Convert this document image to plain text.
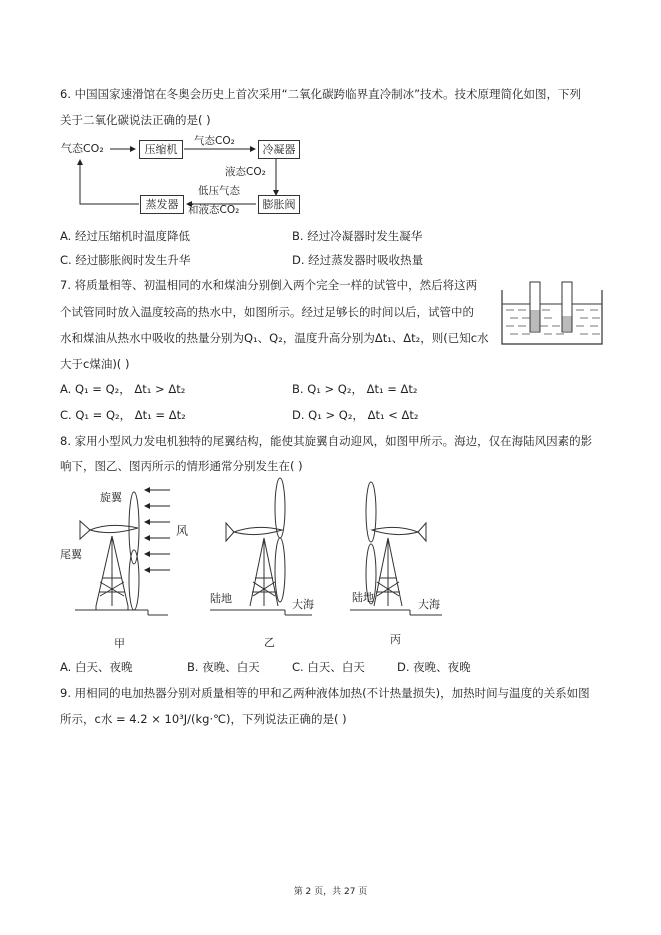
6. 中国国家速滑馆在冬奥会历史上首次采用“二氧化碳跨临界直冷制冰”技术。技术原理简化如图，下列
关于二氧化碳说法正确的是( )
气态CO₂	压缩机
气态CO₂
冷凝器
液态CO₂
膨胀阀
低压气态
和液态CO₂
蒸发器
A. 经过压缩机时温度降低	B. 经过冷凝器时发生凝华
C. 经过膨胀阀时发生升华	D. 经过蒸发器时吸收热量
7. 将质量相等、初温相同的水和煤油分别倒入两个完全一样的试管中，然后将这两
个试管同时放入温度较高的热水中，如图所示。经过足够长的时间以后，试管中的
水和煤油从热水中吸收的热量分别为Q₁、Q₂，温度升高分别为Δt₁、Δt₂，则(已知c水
大于c煤油)( )
A. Q₁ = Q₂， Δt₁ > Δt₂	B. Q₁ > Q₂， Δt₁ = Δt₂
C. Q₁ = Q₂， Δt₁ = Δt₂	D. Q₁ > Q₂， Δt₁ < Δt₂
8. 家用小型风力发电机独特的尾翼结构，能使其旋翼自动迎风，如图甲所示。海边，仅在海陆风因素的影
响下，图乙、图丙所示的情形通常分别发生在( )
旋翼
风
尾翼
陆地	大海
陆地
大海
甲	乙	丙
A. 白天、夜晚	B. 夜晚、白天	C. 白天、白天	D. 夜晚、夜晚
9. 用相同的电加热器分别对质量相等的甲和乙两种液体加热(不计热量损失)，加热时间与温度的关系如图
所示，c水 = 4.2 × 10³J/(kg·℃)，下列说法正确的是( )
第 2 页，共 27 页
